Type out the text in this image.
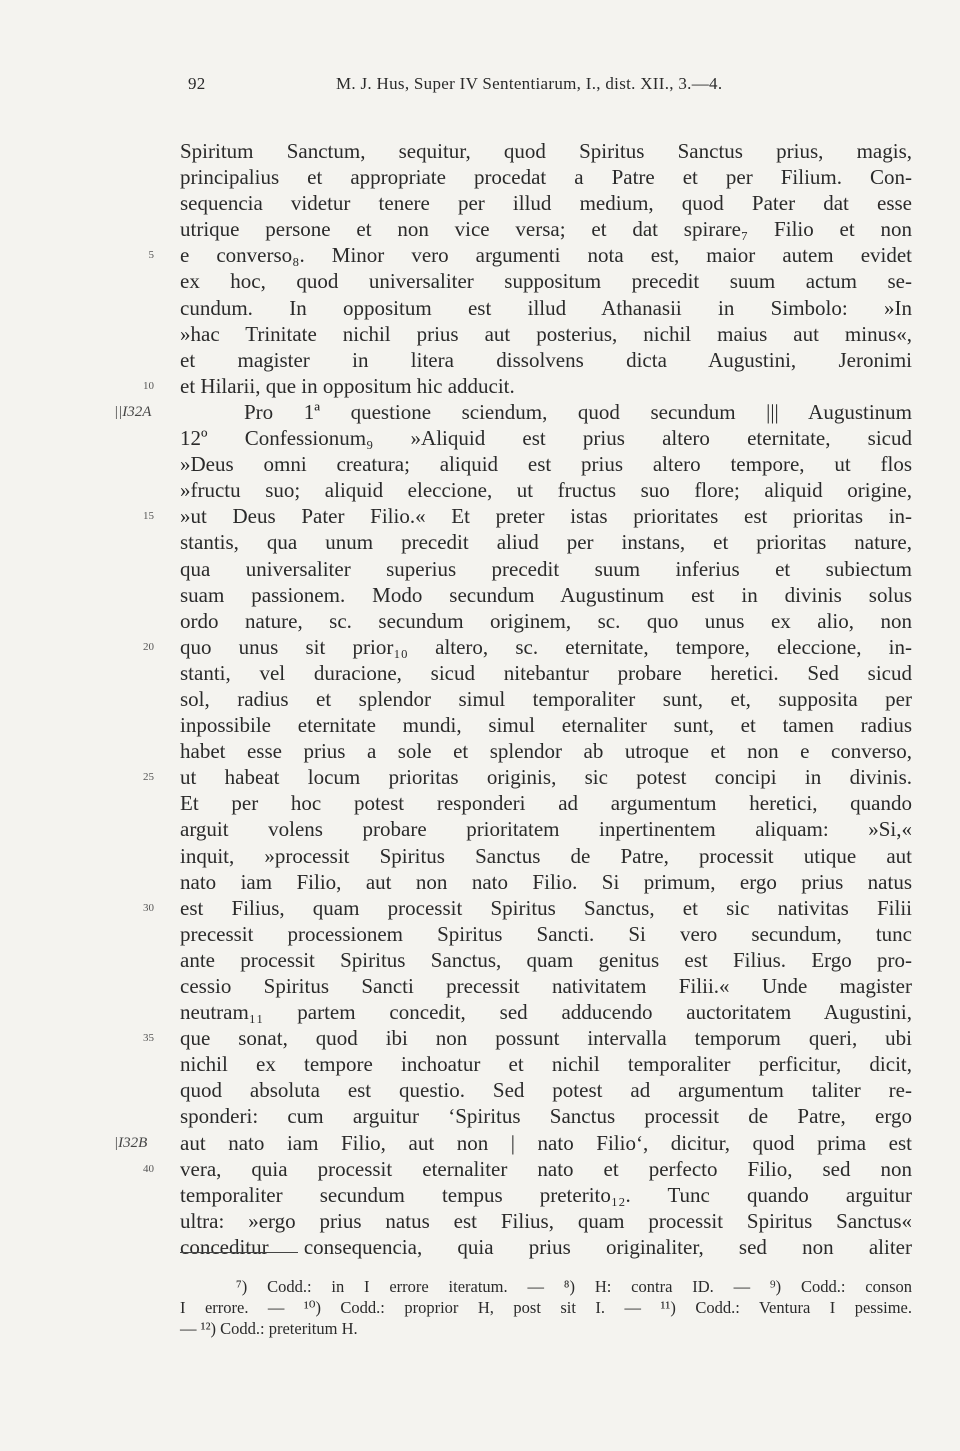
92	M. J. Hus, Super IV Sententiarum, I., dist. XII., 3.—4.
Spiritum Sanctum, sequitur, quod Spiritus Sanctus prius, magis,
principalius et appropriate procedat a Patre et per Filium. Con-
sequencia videtur tenere per illud medium, quod Pater dat esse
utrique persone et non vice versa; et dat spirare₇ Filio et non
5 e converso₈. Minor vero argumenti nota est, maior autem evidet
ex hoc, quod universaliter suppositum precedit suum actum se-
cundum. In oppositum est illud Athanasii in Simbolo: »In
»hac Trinitate nichil prius aut posterius, nichil maius aut minus«,
et magister in litera dissolvens dicta Augustini, Jeronimi
10 et Hilarii, que in oppositum hic adducit.
||I32A	Pro 1ª questione sciendum, quod secundum ||| Augustinum
12º Confessionum₉ »Aliquid est prius altero eternitate, sicud
»Deus omni creatura; aliquid est prius altero tempore, ut flos
»fructu suo; aliquid eleccione, ut fructus suo flore; aliquid origine,
15 »ut Deus Pater Filio.« Et preter istas prioritates est prioritas in-
stantis, qua unum precedit aliud per instans, et prioritas nature,
qua universaliter superius precedit suum inferius et subiectum
suam passionem. Modo secundum Augustinum est in divinis solus
ordo nature, sc. secundum originem, sc. quo unus ex alio, non
20 quo unus sit prior₁₀ altero, sc. eternitate, tempore, eleccione, in-
stanti, vel duracione, sicud nitebantur probare heretici. Sed sicud
sol, radius et splendor simul temporaliter sunt, et, supposita per
inpossibile eternitate mundi, simul eternaliter sunt, et tamen radius
habet esse prius a sole et splendor ab utroque et non e converso,
25 ut habeat locum prioritas originis, sic potest concipi in divinis.
Et per hoc potest responderi ad argumentum heretici, quando
arguit volens probare prioritatem inpertinentem aliquam: »Si,«
inquit, »processit Spiritus Sanctus de Patre, processit utique aut
nato iam Filio, aut non nato Filio. Si primum, ergo prius natus
30 est Filius, quam processit Spiritus Sanctus, et sic nativitas Filii
precessit processionem Spiritus Sancti. Si vero secundum, tunc
ante processit Spiritus Sanctus, quam genitus est Filius. Ergo pro-
cessio Spiritus Sancti precessit nativitatem Filii.« Unde magister
neutram₁₁ partem concedit, sed adducendo auctoritatem Augustini,
35 que sonat, quod ibi non possunt intervalla temporum queri, ubi
nichil ex tempore inchoatur et nichil temporaliter perficitur, dicit,
quod absoluta est questio. Sed potest ad argumentum taliter re-
sponderi: cum arguitur ‘Spiritus Sanctus processit de Patre, ergo
|I32B aut nato iam Filio, aut non | nato Filio‘, dicitur, quod prima est
40 vera, quia processit eternaliter nato et perfecto Filio, sed non
temporaliter secundum tempus preterito₁₂. Tunc quando arguitur
ultra: »ergo prius natus est Filius, quam processit Spiritus Sanctus«
conceditur consequencia, quia prius originaliter, sed non aliter
⁷) Codd.: in I errore iteratum. — ⁸) H: contra ID. — ⁹) Codd.: conson
I errore. — ¹⁰) Codd.: proprior H, post sit I. — ¹¹) Codd.: Ventura I pessime.
— ¹²) Codd.: preteritum H.
